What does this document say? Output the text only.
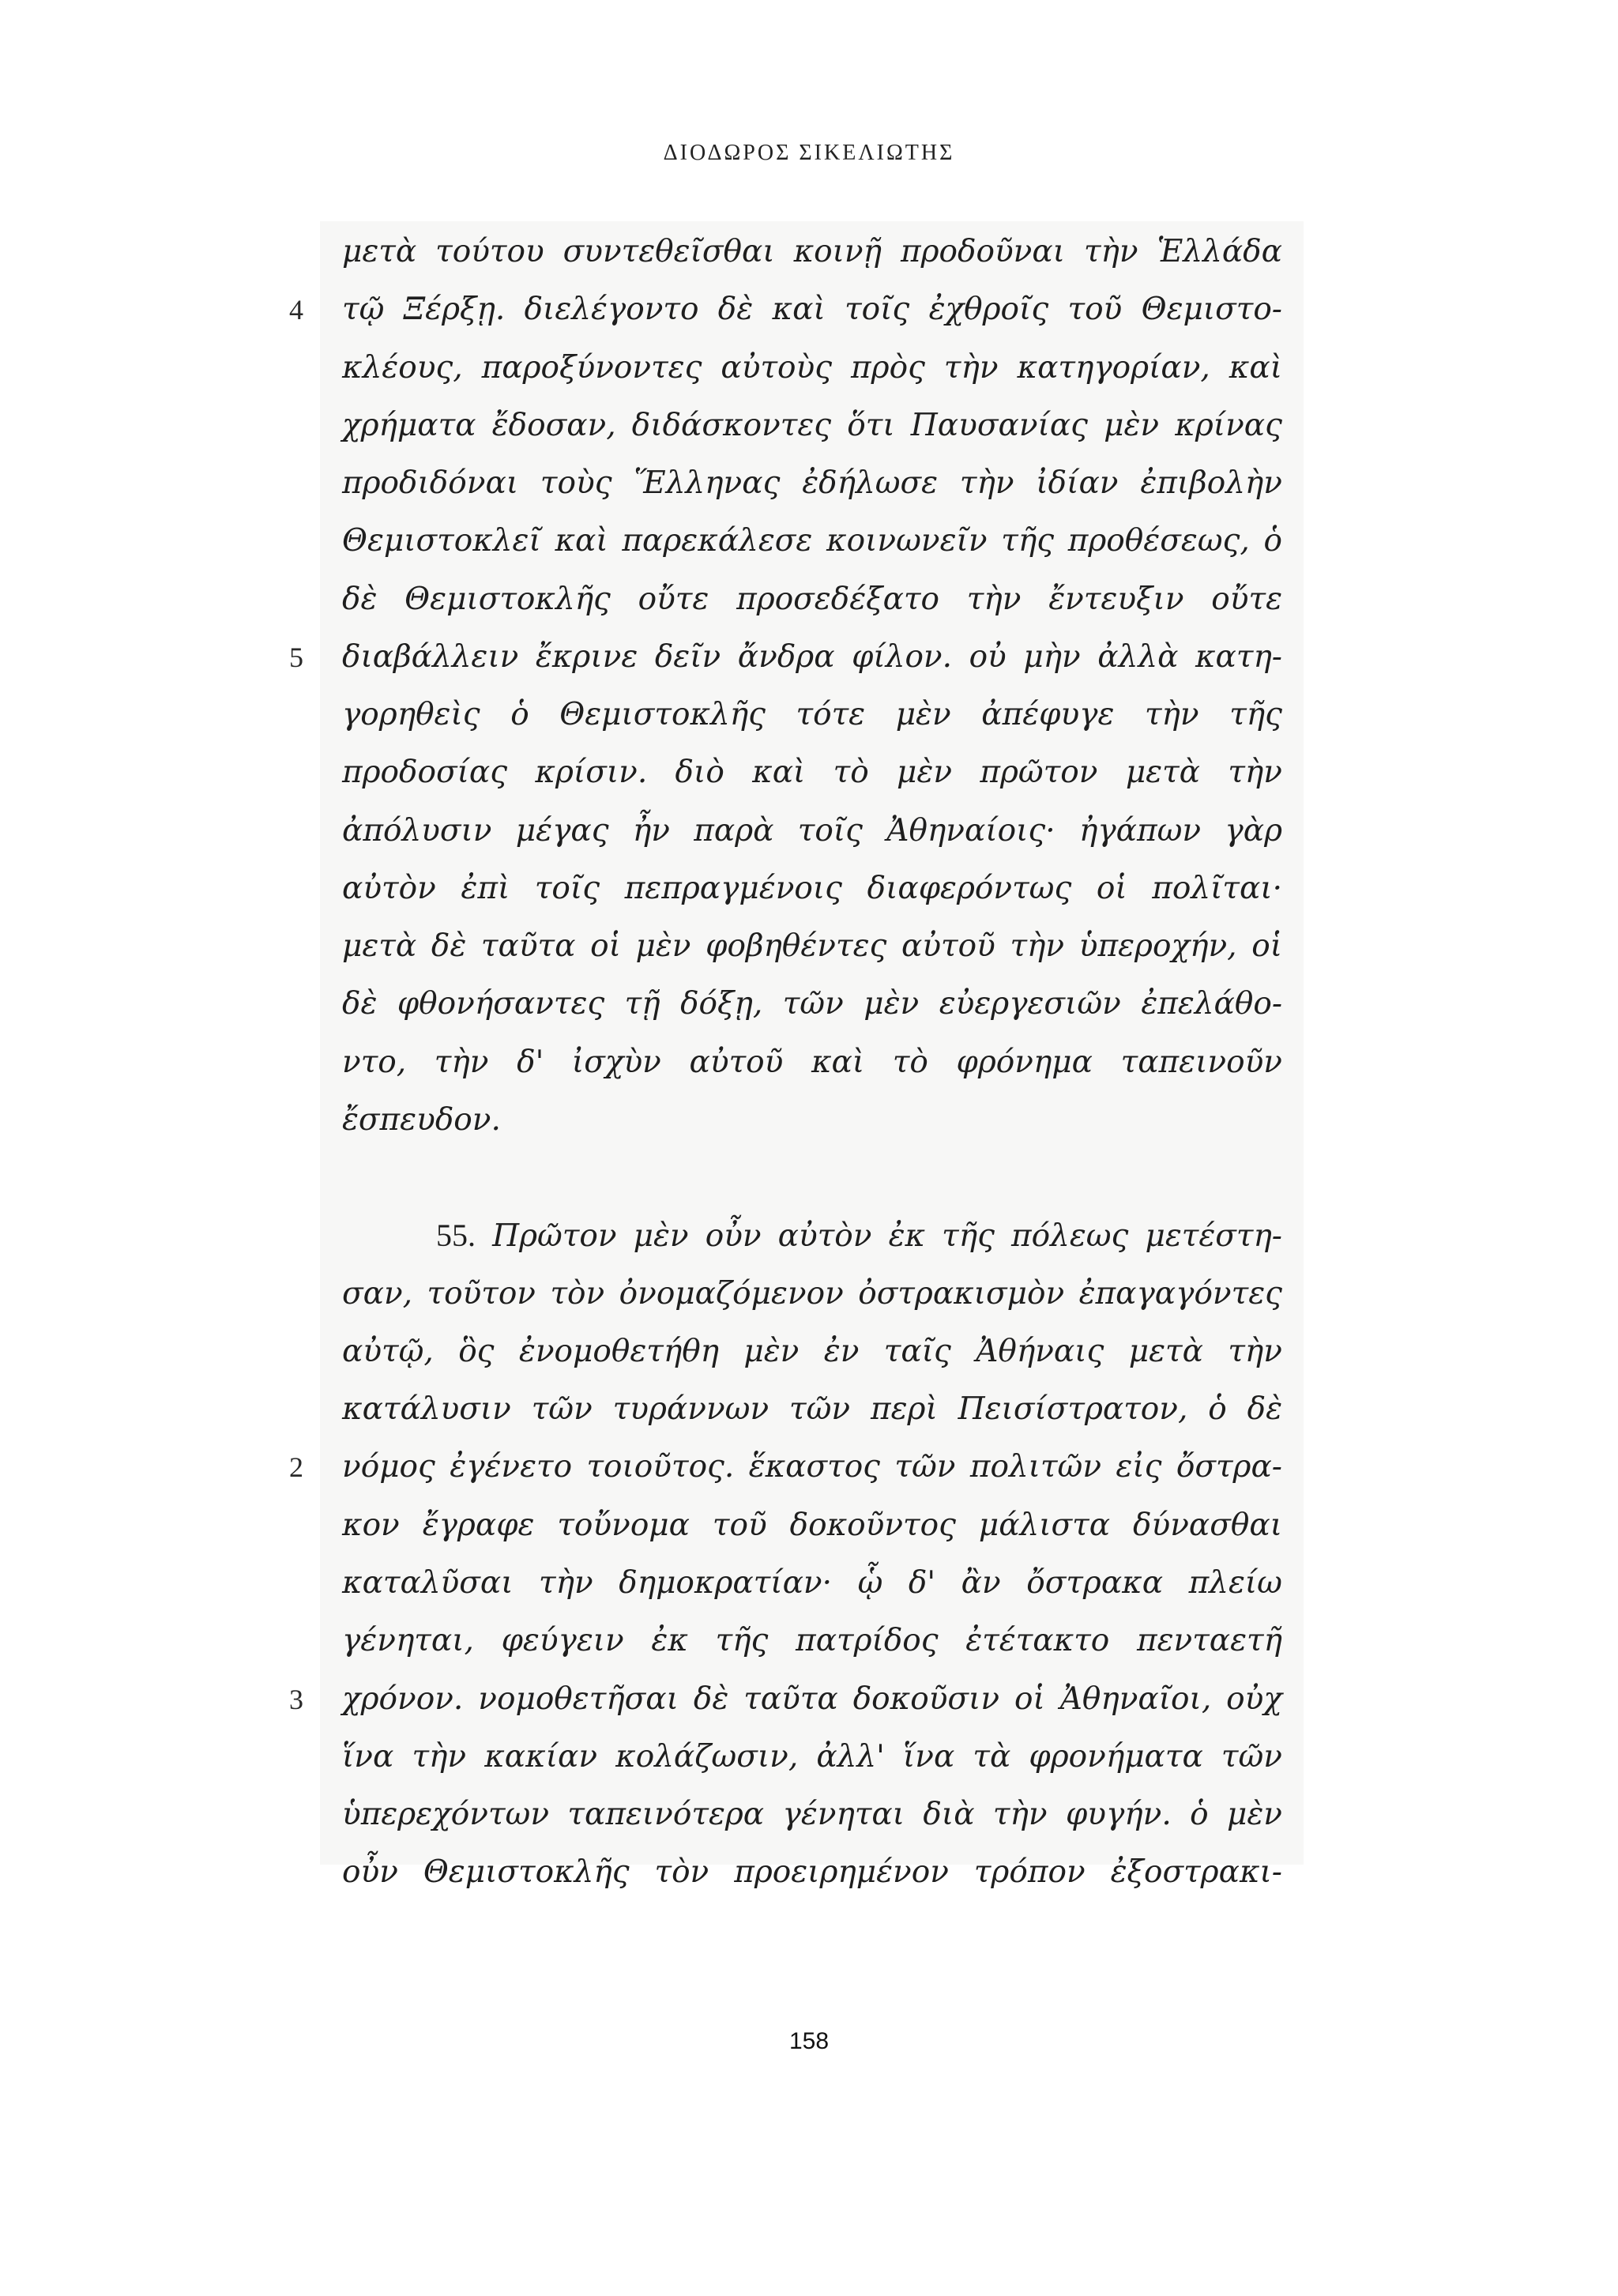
ΔΙΟΔΩΡΟΣ ΣΙΚΕΛΙΩΤΗΣ
4
5
2
3
μετὰ τούτου συντεθεῖσθαι κοινῇ προδοῦναι τὴν Ἑλλάδα
τῷ Ξέρξῃ. διελέγοντο δὲ καὶ τοῖς ἐχθροῖς τοῦ Θεμιστο-
κλέους, παροξύνοντες αὐτοὺς πρὸς τὴν κατηγορίαν, καὶ
χρήματα ἔδοσαν, διδάσκοντες ὅτι Παυσανίας μὲν κρίνας
προδιδόναι τοὺς Ἕλληνας ἐδήλωσε τὴν ἰδίαν ἐπιβολὴν
Θεμιστοκλεῖ καὶ παρεκάλεσε κοινωνεῖν τῆς προθέσεως, ὁ
δὲ Θεμιστοκλῆς οὔτε προσεδέξατο τὴν ἔντευξιν οὔτε
διαβάλλειν ἔκρινε δεῖν ἄνδρα φίλον. οὐ μὴν ἀλλὰ κατη-
γορηθεὶς ὁ Θεμιστοκλῆς τότε μὲν ἀπέφυγε τὴν τῆς
προδοσίας κρίσιν. διὸ καὶ τὸ μὲν πρῶτον μετὰ τὴν
ἀπόλυσιν μέγας ἦν παρὰ τοῖς Ἀθηναίοις· ἠγάπων γὰρ
αὐτὸν ἐπὶ τοῖς πεπραγμένοις διαφερόντως οἱ πολῖται·
μετὰ δὲ ταῦτα οἱ μὲν φοβηθέντες αὐτοῦ τὴν ὑπεροχήν, οἱ
δὲ φθονήσαντες τῇ δόξῃ, τῶν μὲν εὐεργεσιῶν ἐπελάθο-
ντο, τὴν δ' ἰσχὺν αὐτοῦ καὶ τὸ φρόνημα ταπεινοῦν
ἔσπευδον.
55. Πρῶτον μὲν οὖν αὐτὸν ἐκ τῆς πόλεως μετέστη-
σαν, τοῦτον τὸν ὀνομαζόμενον ὀστρακισμὸν ἐπαγαγόντες
αὐτῷ, ὃς ἐνομοθετήθη μὲν ἐν ταῖς Ἀθήναις μετὰ τὴν
κατάλυσιν τῶν τυράννων τῶν περὶ Πεισίστρατον, ὁ δὲ
νόμος ἐγένετο τοιοῦτος. ἕκαστος τῶν πολιτῶν εἰς ὄστρα-
κον ἔγραφε τοὔνομα τοῦ δοκοῦντος μάλιστα δύνασθαι
καταλῦσαι τὴν δημοκρατίαν· ᾧ δ' ἂν ὄστρακα πλείω
γένηται, φεύγειν ἐκ τῆς πατρίδος ἐτέτακτο πενταετῆ
χρόνον. νομοθετῆσαι δὲ ταῦτα δοκοῦσιν οἱ Ἀθηναῖοι, οὐχ
ἵνα τὴν κακίαν κολάζωσιν, ἀλλ' ἵνα τὰ φρονήματα τῶν
ὑπερεχόντων ταπεινότερα γένηται διὰ τὴν φυγήν. ὁ μὲν
οὖν Θεμιστοκλῆς τὸν προειρημένον τρόπον ἐξοστρακι-
158
